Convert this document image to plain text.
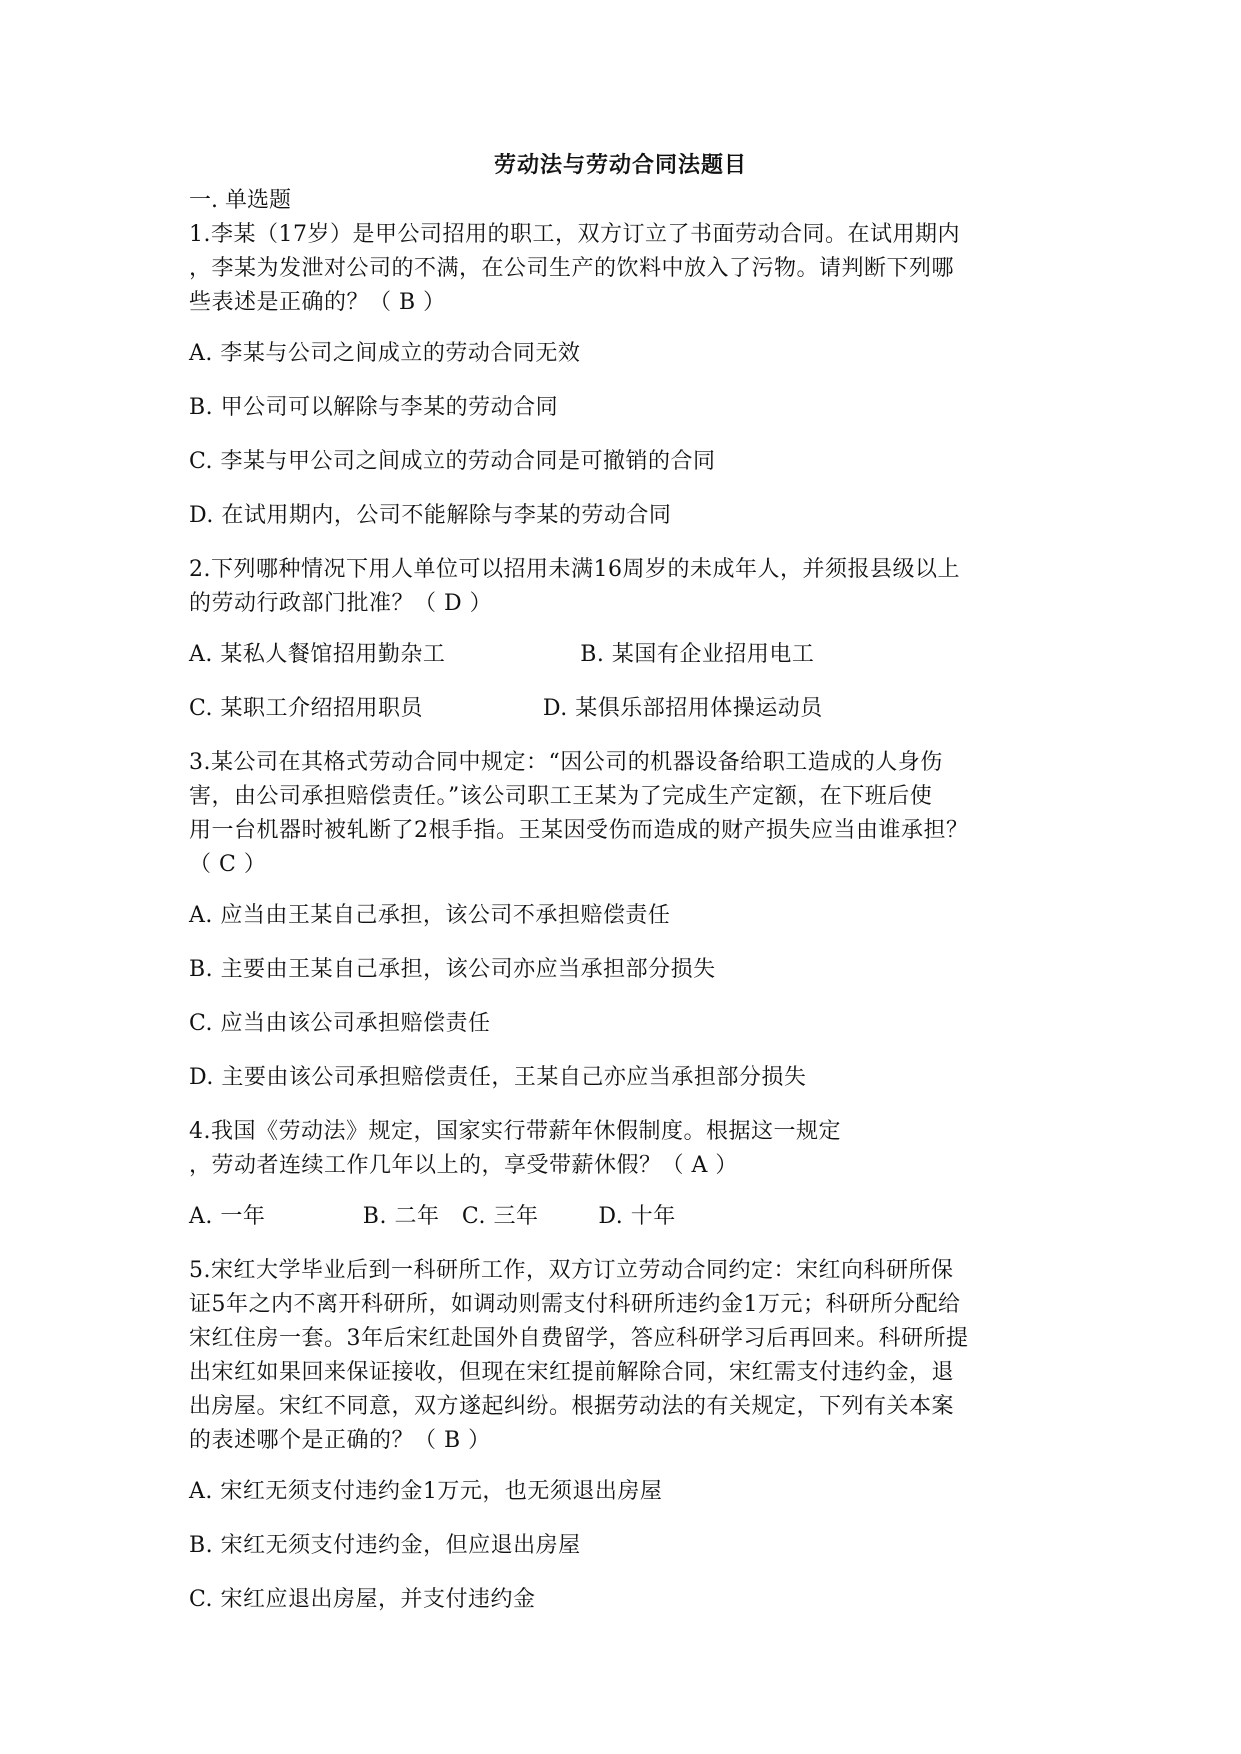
劳动法与劳动合同法题目
一. 单选题

1.李某（17岁）是甲公司招用的职工，双方订立了书面劳动合同。在试用期内

，李某为发泄对公司的不满，在公司生产的饮料中放入了污物。请判断下列哪

些表述是正确的？（ B ）

A. 李某与公司之间成立的劳动合同无效

B. 甲公司可以解除与李某的劳动合同

C. 李某与甲公司之间成立的劳动合同是可撤销的合同

D. 在试用期内，公司不能解除与李某的劳动合同

2.下列哪种情况下用人单位可以招用未满16周岁的未成年人，并须报县级以上

的劳动行政部门批准？（ D ）

A. 某私人餐馆招用勤杂工                  B. 某国有企业招用电工

C. 某职工介绍招用职员                D. 某俱乐部招用体操运动员

3.某公司在其格式劳动合同中规定：“因公司的机器设备给职工造成的人身伤

害，由公司承担赔偿责任。”该公司职工王某为了完成生产定额，在下班后使

用一台机器时被轧断了2根手指。王某因受伤而造成的财产损失应当由谁承担？

（ C ）

A. 应当由王某自己承担，该公司不承担赔偿责任

B. 主要由王某自己承担，该公司亦应当承担部分损失

C. 应当由该公司承担赔偿责任

D. 主要由该公司承担赔偿责任，王某自己亦应当承担部分损失

4.我国《劳动法》规定，国家实行带薪年休假制度。根据这一规定

，劳动者连续工作几年以上的，享受带薪休假？（ A ）

A. 一年             B. 二年   C. 三年        D. 十年

5.宋红大学毕业后到一科研所工作，双方订立劳动合同约定：宋红向科研所保

证5年之内不离开科研所，如调动则需支付科研所违约金1万元；科研所分配给

宋红住房一套。3年后宋红赴国外自费留学，答应科研学习后再回来。科研所提

出宋红如果回来保证接收，但现在宋红提前解除合同，宋红需支付违约金，退

出房屋。宋红不同意，双方遂起纠纷。根据劳动法的有关规定，下列有关本案

的表述哪个是正确的？（ B ）

A. 宋红无须支付违约金1万元，也无须退出房屋

B. 宋红无须支付违约金，但应退出房屋

C. 宋红应退出房屋，并支付违约金
